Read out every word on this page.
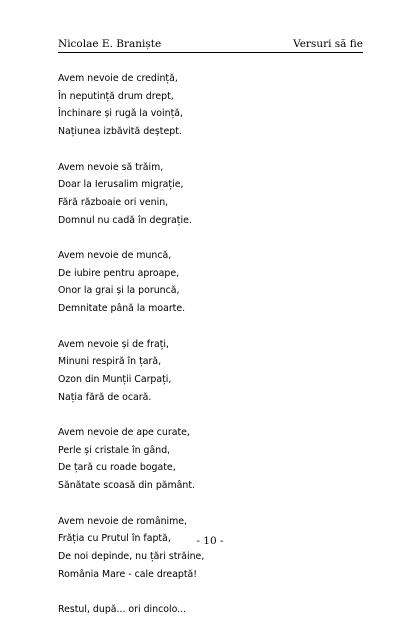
Nicolae E. Braniște	Versuri să fie
Avem nevoie de credință,
În neputință drum drept,
Închinare și rugă la voință,
Națiunea izbăvită deștept.
Avem nevoie să trăim,
Doar la Ierusalim migrație,
Fără războaie ori venin,
Domnul nu cadă în degrație.
Avem nevoie de muncă,
De iubire pentru aproape,
Onor la grai și la poruncă,
Demnitate până la moarte.
Avem nevoie și de frați,
Minuni respiră în țară,
Ozon din Munții Carpați,
Nația fără de ocară.
Avem nevoie de ape curate,
Perle și cristale în gând,
De țară cu roade bogate,
Sănătate scoasă din pământ.
Avem nevoie de românime,
Frăția cu Prutul în faptă,
De noi depinde, nu țări străine,
România Mare - cale dreaptă!
Restul, după... ori dincolo...
- 10 -
